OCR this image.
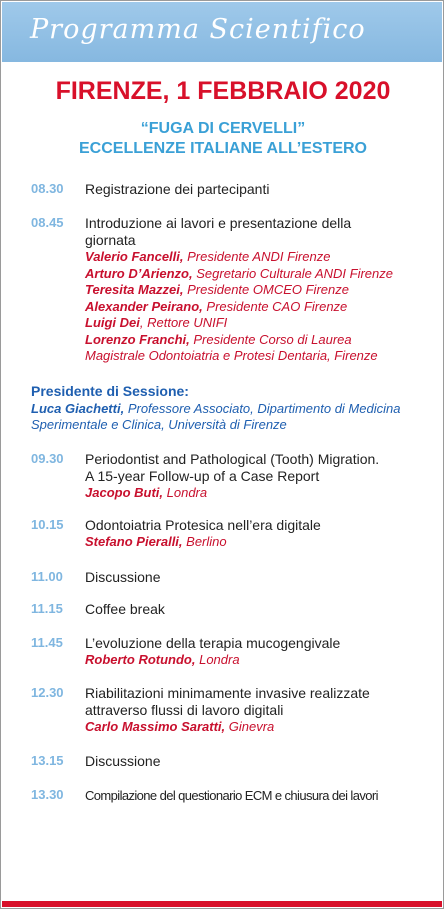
Programma Scientifico
FIRENZE, 1 FEBBRAIO 2020
“FUGA DI CERVELLI”
ECCELLENZE ITALIANE ALL’ESTERO
08.30	Registrazione dei partecipanti
08.45	Introduzione ai lavori e presentazione della
giornata
Valerio Fancelli, Presidente ANDI Firenze
Arturo D’Arienzo, Segretario Culturale ANDI Firenze
Teresita Mazzei, Presidente OMCEO Firenze
Alexander Peirano, Presidente CAO Firenze
Luigi Dei, Rettore UNIFI
Lorenzo Franchi, Presidente Corso di Laurea
Magistrale Odontoiatria e Protesi Dentaria, Firenze
Presidente di Sessione:
Luca Giachetti, Professore Associato, Dipartimento di Medicina
Sperimentale e Clinica, Università di Firenze
09.30	Periodontist and Pathological (Tooth) Migration.
A 15-year Follow-up of a Case Report
Jacopo Buti, Londra
10.15	Odontoiatria Protesica nell’era digitale
Stefano Pieralli, Berlino
11.00	Discussione
11.15	Coffee break
11.45	L’evoluzione della terapia mucogengivale
Roberto Rotundo, Londra
12.30	Riabilitazioni minimamente invasive realizzate
attraverso flussi di lavoro digitali
Carlo Massimo Saratti, Ginevra
13.15	Discussione
13.30	Compilazione del questionario ECM e chiusura dei lavori
